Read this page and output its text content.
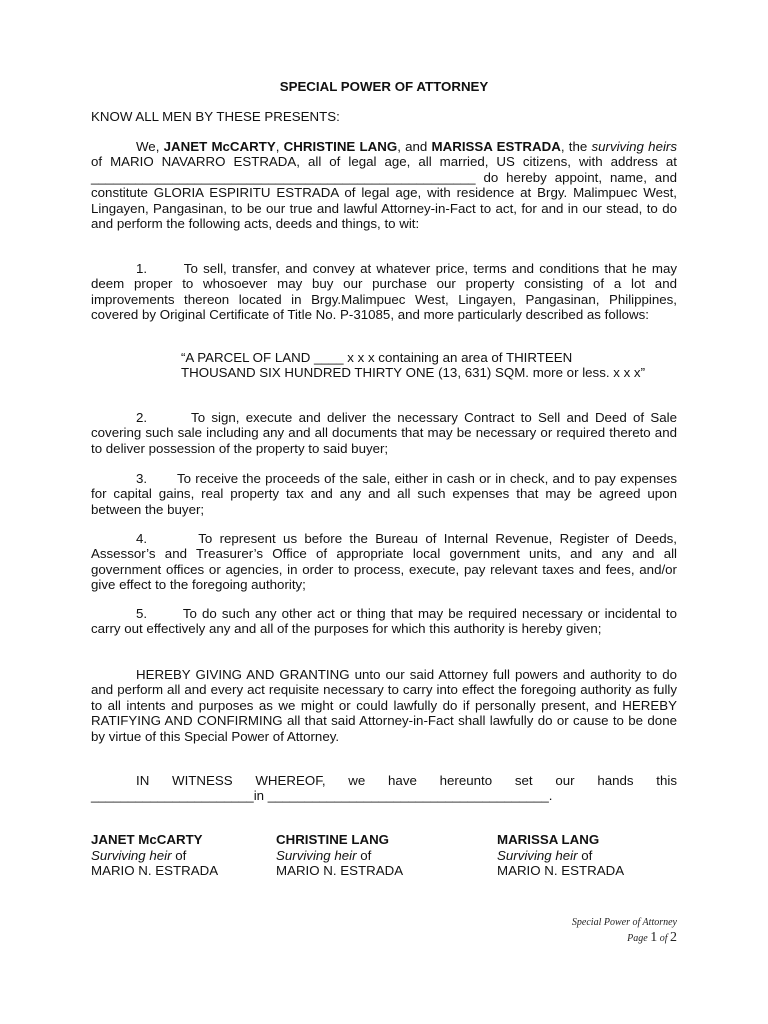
SPECIAL POWER OF ATTORNEY
KNOW ALL MEN BY THESE PRESENTS:
We, JANET McCARTY, CHRISTINE LANG, and MARISSA ESTRADA, the surviving heirs of MARIO NAVARRO ESTRADA, all of legal age, all married, US citizens, with address at ____________________________________________________ do hereby appoint, name, and constitute GLORIA ESPIRITU ESTRADA of legal age, with residence at Brgy. Malimpuec West, Lingayen, Pangasinan, to be our true and lawful Attorney-in-Fact to act, for and in our stead, to do and perform the following acts, deeds and things, to wit:
1.       To sell, transfer, and convey at whatever price, terms and conditions that he may deem proper to whosoever may buy our purchase our property consisting of a lot and improvements thereon located in Brgy.Malimpuec West, Lingayen, Pangasinan, Philippines, covered by Original Certificate of Title No. P-31085, and more particularly described as follows:
“A PARCEL OF LAND ____ x x x containing an area of THIRTEEN THOUSAND SIX HUNDRED THIRTY ONE (13, 631) SQM. more or less. x x x”
2.       To sign, execute and deliver the necessary Contract to Sell and Deed of Sale covering such sale including any and all documents that may be necessary or required thereto and to deliver possession of the property to said buyer;
3.       To receive the proceeds of the sale, either in cash or in check, and to pay expenses for capital gains, real property tax and any and all such expenses that may be agreed upon between the buyer;
4.       To represent us before the Bureau of Internal Revenue, Register of Deeds, Assessor’s and Treasurer’s Office of appropriate local government units, and any and all government offices or agencies, in order to process, execute, pay relevant taxes and fees, and/or give effect to the foregoing authority;
5.       To do such any other act or thing that may be required necessary or incidental to carry out effectively any and all of the purposes for which this authority is hereby given;
HEREBY GIVING AND GRANTING unto our said Attorney full powers and authority to do and perform all and every act requisite necessary to carry into effect the foregoing authority as fully to all intents and purposes as we might or could lawfully do if personally present, and HEREBY RATIFYING AND CONFIRMING all that said Attorney-in-Fact shall lawfully do or cause to be done by virtue of this Special Power of Attorney.
IN WITNESS WHEREOF, we have hereunto set our hands this ______________________in ______________________________________.
JANET McCARTY
Surviving heir of
MARIO N. ESTRADA
CHRISTINE LANG
Surviving heir of
MARIO N. ESTRADA
MARISSA LANG
Surviving heir of
MARIO N. ESTRADA
Special Power of Attorney
Page 1 of 2
